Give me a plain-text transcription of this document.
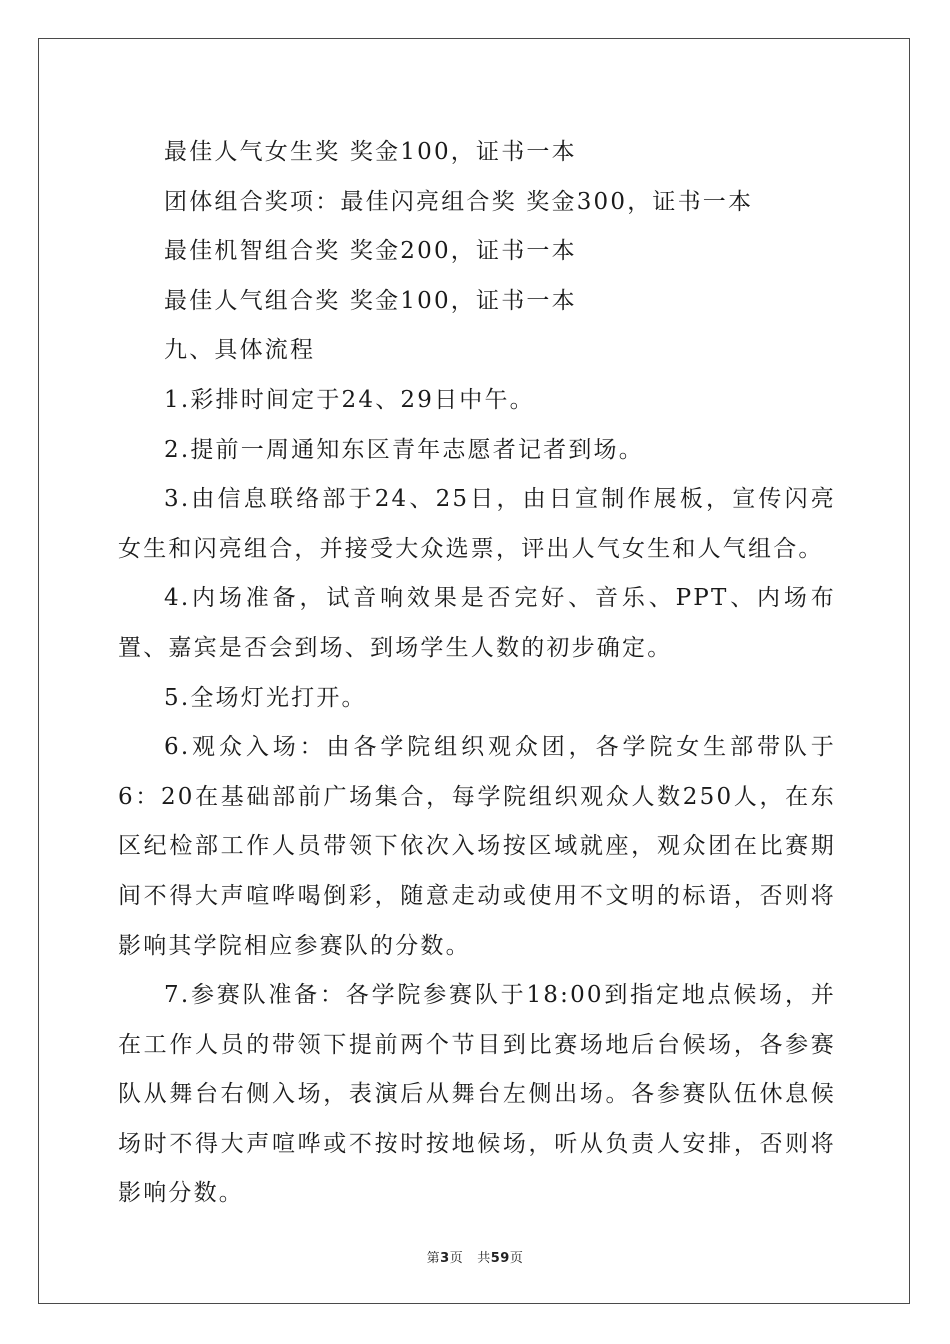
最佳人气女生奖 奖金100，证书一本

团体组合奖项：最佳闪亮组合奖 奖金300，证书一本

最佳机智组合奖 奖金200，证书一本

最佳人气组合奖 奖金100，证书一本

九、具体流程

1.彩排时间定于24、29日中午。

2.提前一周通知东区青年志愿者记者到场。

3.由信息联络部于24、25日，由日宣制作展板，宣传闪亮女生和闪亮组合，并接受大众选票，评出人气女生和人气组合。

4.内场准备，试音响效果是否完好、音乐、PPT、内场布置、嘉宾是否会到场、到场学生人数的初步确定。

5.全场灯光打开。

6.观众入场：由各学院组织观众团，各学院女生部带队于6：20在基础部前广场集合，每学院组织观众人数250人，在东区纪检部工作人员带领下依次入场按区域就座，观众团在比赛期间不得大声喧哗喝倒彩，随意走动或使用不文明的标语，否则将影响其学院相应参赛队的分数。

7.参赛队准备：各学院参赛队于18:00到指定地点候场，并在工作人员的带领下提前两个节目到比赛场地后台候场，各参赛队从舞台右侧入场，表演后从舞台左侧出场。各参赛队伍休息候场时不得大声喧哗或不按时按地候场，听从负责人安排，否则将影响分数。

第3页 共59页
